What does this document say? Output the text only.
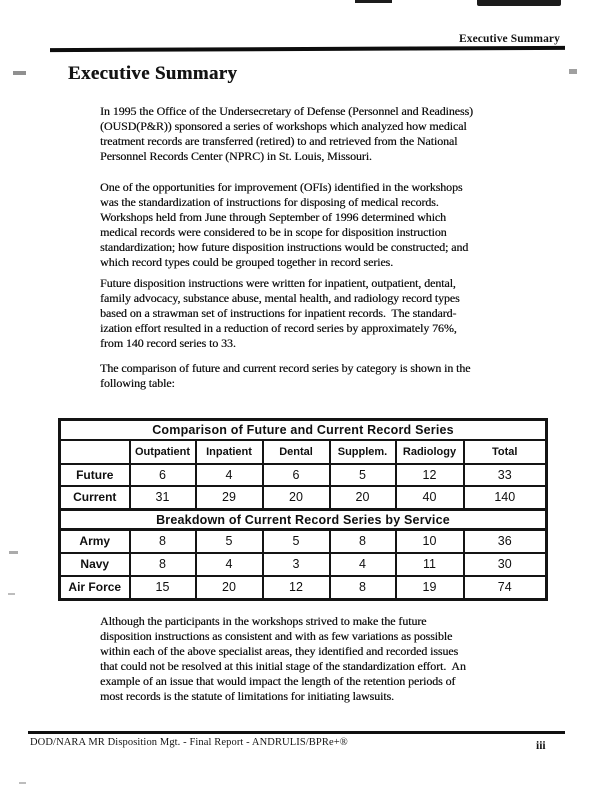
Executive Summary
Executive Summary
In 1995 the Office of the Undersecretary of Defense (Personnel and Readiness)
(OUSD(P&R)) sponsored a series of workshops which analyzed how medical
treatment records are transferred (retired) to and retrieved from the National
Personnel Records Center (NPRC) in St. Louis, Missouri.
One of the opportunities for improvement (OFIs) identified in the workshops
was the standardization of instructions for disposing of medical records.
Workshops held from June through September of 1996 determined which
medical records were considered to be in scope for disposition instruction
standardization; how future disposition instructions would be constructed; and
which record types could be grouped together in record series.
Future disposition instructions were written for inpatient, outpatient, dental,
family advocacy, substance abuse, mental health, and radiology record types
based on a strawman set of instructions for inpatient records.  The standard-
ization effort resulted in a reduction of record series by approximately 76%,
from 140 record series to 33.
The comparison of future and current record series by category is shown in the
following table:
Although the participants in the workshops strived to make the future
disposition instructions as consistent and with as few variations as possible
within each of the above specialist areas, they identified and recorded issues
that could not be resolved at this initial stage of the standardization effort.  An
example of an issue that would impact the length of the retention periods of
most records is the statute of limitations for initiating lawsuits.
Comparison of Future and Current Record Series						
	Outpatient	Inpatient	Dental	Supplem.	Radiology	Total
Future	6	4	6	5	12	33
Current	31	29	20	20	40	140
Breakdown of Current Record Series by Service						
Army	8	5	5	8	10	36
Navy	8	4	3	4	11	30
Air Force	15	20	12	8	19	74
DOD/NARA MR Disposition Mgt. - Final Report - ANDRULIS/BPRe+®	iii
